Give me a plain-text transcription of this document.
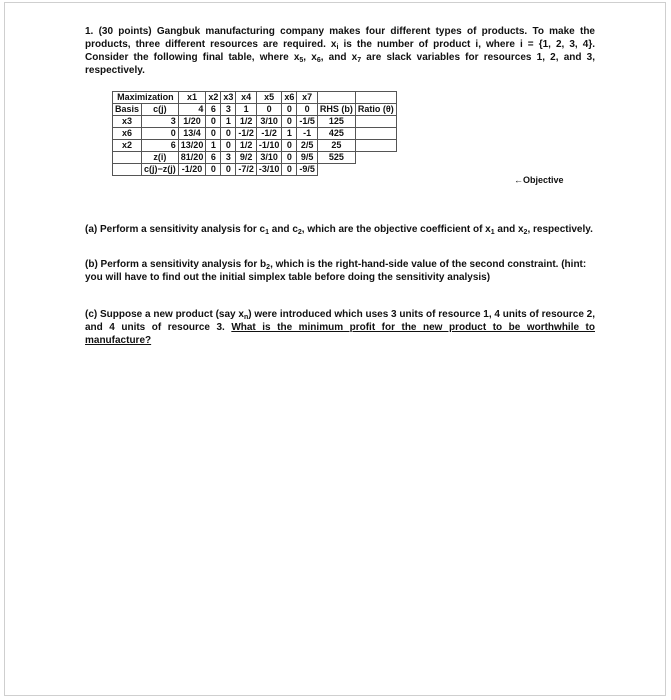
1. (30 points) Gangbuk manufacturing company makes four different types of products. To make the products, three different resources are required. $x_i$ is the number of product i, where i = {1, 2, 3, 4}. Consider the following final table, where $x_5$, $x_6$, and $x_7$ are slack variables for resources 1, 2, and 3, respectively.

Maximization		x1	x2	x3	x4	x5	x6	x7		
Basis	c(j)	4	6	3	1	0	0	0	RHS (b)	Ratio (θ)
x3	3	1/20	0	1	1/2	3/10	0	-1/5	125	
x6	0	13/4	0	0	-1/2	-1/2	1	-1	425	
x2	6	13/20	1	0	1/2	-1/10	0	2/5	25	
	z(i)	81/20	6	3	9/2	3/10	0	9/5	525	
	c(j)−z(j)	-1/20	0	0	-7/2	-3/10	0	-9/5		
←Objective

(a) Perform a sensitivity analysis for $c_1$ and $c_2$, which are the objective coefficient of $x_1$ and $x_2$, respectively.

(b) Perform a sensitivity analysis for $b_2$, which is the right-hand-side value of the second constraint. (hint: you will have to find out the initial simplex table before doing the sensitivity analysis)

(c) Suppose a new product (say $x_n$) were introduced which uses 3 units of resource 1, 4 units of resource 2, and 4 units of resource 3. What is the minimum profit for the new product to be worthwhile to manufacture?
